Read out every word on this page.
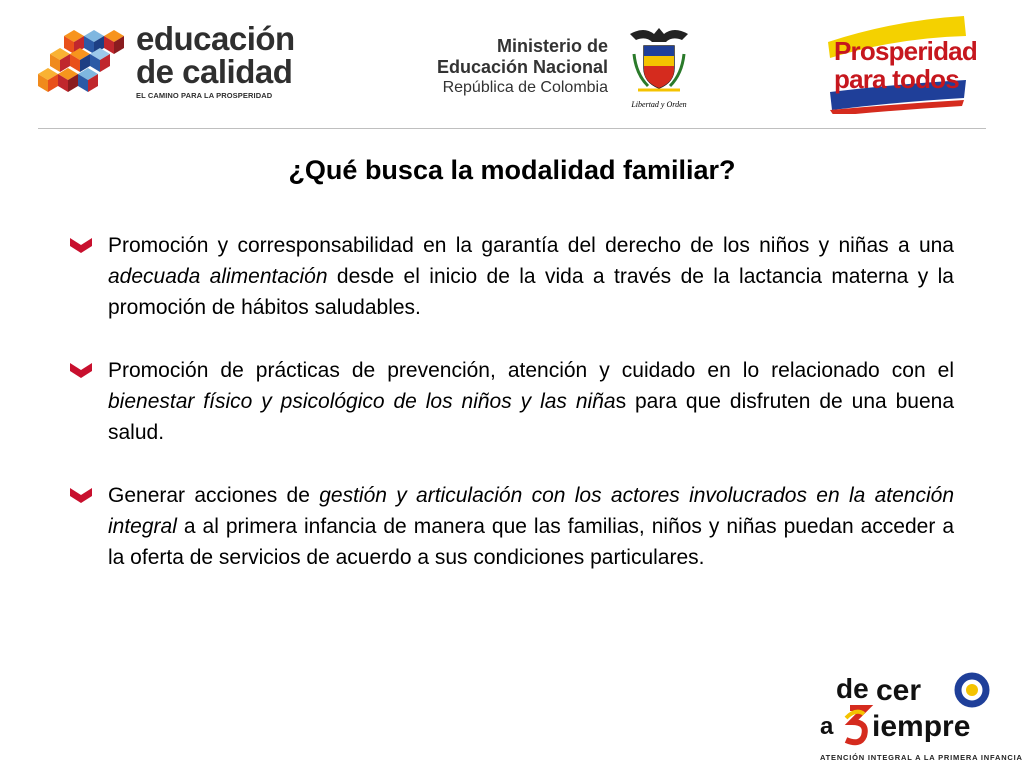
educación
de calidad
EL CAMINO PARA LA PROSPERIDAD
Ministerio de
Educación Nacional
República de Colombia
Libertad y Orden
Prosperidad
para todos
¿Qué busca la modalidad familiar?
Promoción y corresponsabilidad en la garantía del derecho de los niños y niñas a una adecuada alimentación desde el inicio de la vida a través de la lactancia materna y la promoción de hábitos saludables.
Promoción de prácticas de prevención, atención y cuidado en lo relacionado con el bienestar físico y psicológico de los niños y las niñas para que disfruten de una buena salud.
Generar acciones de gestión y articulación con los actores involucrados en la atención integral a al primera infancia de manera que las familias, niños y niñas puedan acceder a la oferta de servicios de acuerdo a sus condiciones particulares.
de cer
a iempre
ATENCIÓN INTEGRAL A LA PRIMERA INFANCIA
